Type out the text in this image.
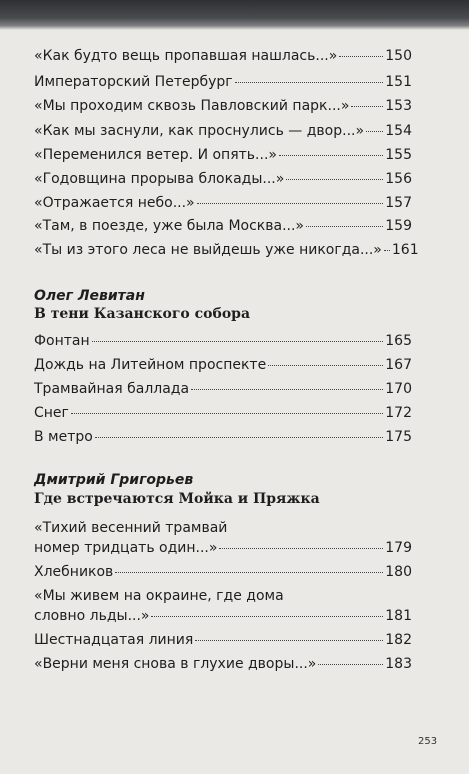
«Как будто вещь пропавшая нашлась...»	150
Императорский Петербург	151
«Мы проходим сквозь Павловский парк...»	153
«Как мы заснули, как проснулись — двор...» 154
«Переменился ветер. И опять...»	155
«Годовщина прорыва блокады...»	156
«Отражается небо...»	157
«Там, в поезде, уже была Москва...»	159
«Ты из этого леса не выйдешь уже никогда...» 161
Олег Левитан
В тени Казанского собора
Фонтан	165
Дождь на Литейном проспекте	167
Трамвайная баллада	170
Снег	172
В метро	175
Дмитрий Григорьев
Где встречаются Мойка и Пряжка
«Тихий весенний трамвай
номер тридцать один...»	179
Хлебников	180
«Мы живем на окраине, где дома
словно льды...»	181
Шестнадцатая линия	182
«Верни меня снова в глухие дворы...»	183
253
